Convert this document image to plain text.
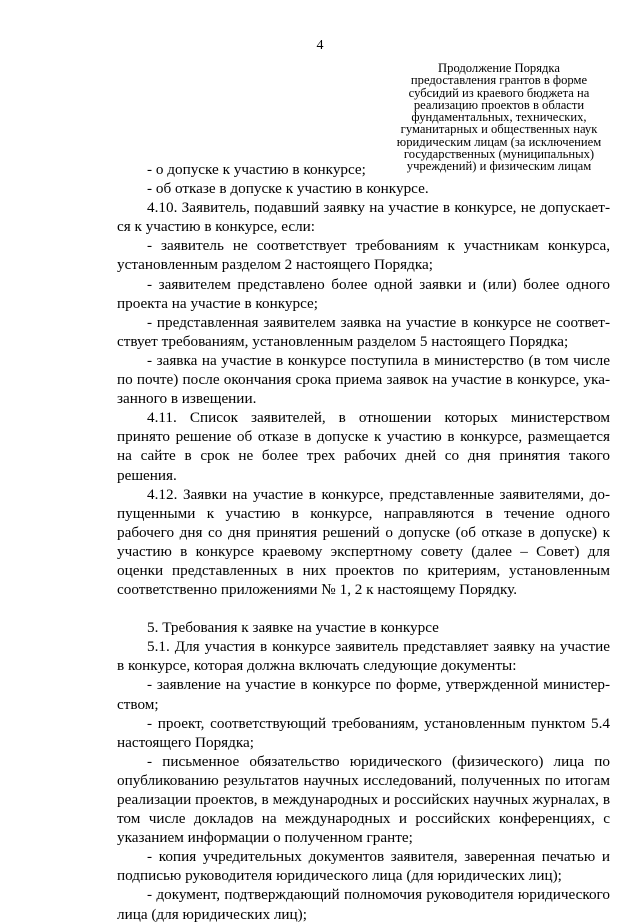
4
Продолжение Порядка
предоставления грантов в форме
субсидий из краевого бюджета на
реализацию проектов в области
фундаментальных, технических,
гуманитарных и общественных наук
юридическим лицам (за исключением
государственных (муниципальных)
учреждений) и физическим лицам

- о допуске к участию в конкурсе;

- об отказе в допуске к участию в конкурсе.

4.10. Заявитель, подавший заявку на участие в конкурсе, не допускается к участию в конкурсе, если:

- заявитель не соответствует требованиям к участникам конкурса, установленным разделом 2 настоящего Порядка;

- заявителем представлено более одной заявки и (или) более одного проекта на участие в конкурсе;

- представленная заявителем заявка на участие в конкурсе не соответствует требованиям, установленным разделом 5 настоящего Порядка;

- заявка на участие в конкурсе поступила в министерство (в том числе по почте) после окончания срока приема заявок на участие в конкурсе, указанного в извещении.

4.11. Список заявителей, в отношении которых министерством принято решение об отказе в допуске к участию в конкурсе, размещается на сайте в срок не более трех рабочих дней со дня принятия такого решения.

4.12. Заявки на участие в конкурсе, представленные заявителями, допущенными к участию в конкурсе, направляются в течение одного рабочего дня со дня принятия решений о допуске (об отказе в допуске) к участию в конкурсе краевому экспертному совету (далее – Совет) для оценки представленных в них проектов по критериям, установленным соответственно приложениями № 1, 2 к настоящему Порядку.

5. Требования к заявке на участие в конкурсе

5.1. Для участия в конкурсе заявитель представляет заявку на участие в конкурсе, которая должна включать следующие документы:

- заявление на участие в конкурсе по форме, утвержденной министерством;

- проект, соответствующий требованиям, установленным пунктом 5.4 настоящего Порядка;

- письменное обязательство юридического (физического) лица по опубликованию результатов научных исследований, полученных по итогам реализации проектов, в международных и российских научных журналах, в том числе докладов на международных и российских конференциях, с указанием информации о полученном гранте;

- копия учредительных документов заявителя, заверенная печатью и подписью руководителя юридического лица (для юридических лиц);

- документ, подтверждающий полномочия руководителя юридического лица (для юридических лиц);
